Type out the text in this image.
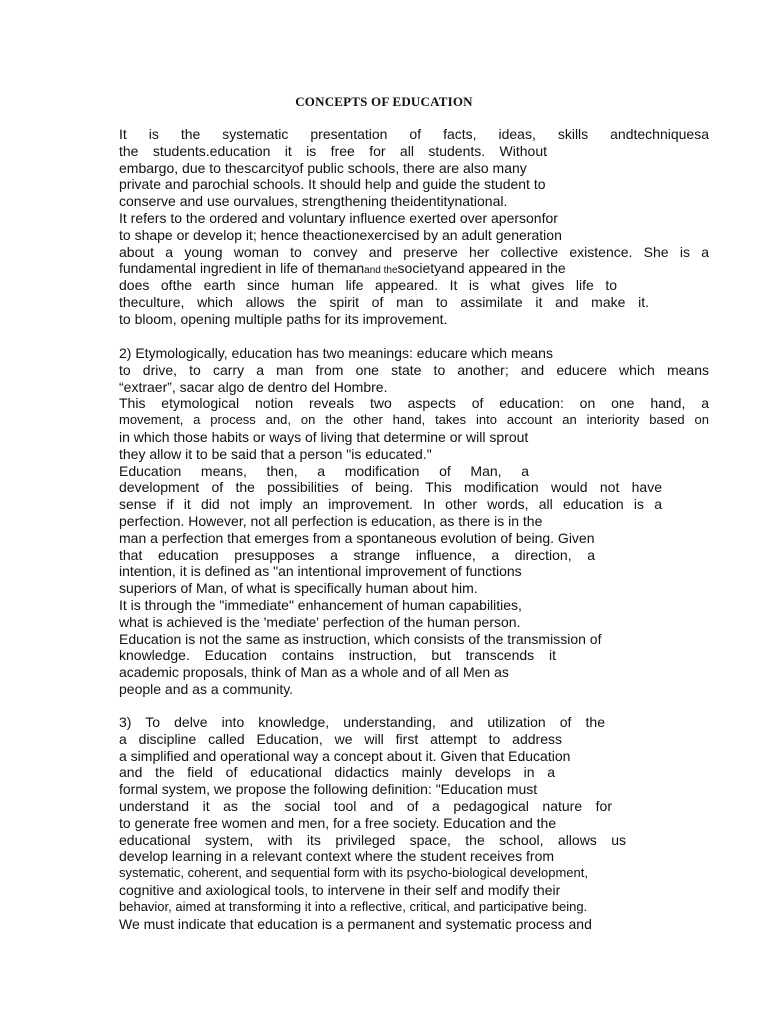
CONCEPTS OF EDUCATION
It is the systematic presentation of facts, ideas, skills andtechniquesa
the students.education it is free for all students. Without
embargo, due to thescarcityof public schools, there are also many
private and parochial schools. It should help and guide the student to
conserve and use ourvalues, strengthening theidentitynational.
It refers to the ordered and voluntary influence exerted over apersonfor
to shape or develop it; hence theactionexercised by an adult generation
about a young woman to convey and preserve her collective existence. She is a
fundamental ingredient in life of themanand thesocietyand appeared in the
does ofthe earth since human life appeared. It is what gives life to
theculture, which allows the spirit of man to assimilate it and make it.
to bloom, opening multiple paths for its improvement.
2) Etymologically, education has two meanings: educare which means
to drive, to carry a man from one state to another; and educere which means
“extraer”, sacar algo de dentro del Hombre.
This etymological notion reveals two aspects of education: on one hand, a
movement, a process and, on the other hand, takes into account an interiority based on
in which those habits or ways of living that determine or will sprout
they allow it to be said that a person "is educated."
Education means, then, a modification of Man, a
development of the possibilities of being. This modification would not have
sense if it did not imply an improvement. In other words, all education is a
perfection. However, not all perfection is education, as there is in the
man a perfection that emerges from a spontaneous evolution of being. Given
that education presupposes a strange influence, a direction, a
intention, it is defined as "an intentional improvement of functions
superiors of Man, of what is specifically human about him.
It is through the "immediate" enhancement of human capabilities,
what is achieved is the 'mediate' perfection of the human person.
Education is not the same as instruction, which consists of the transmission of
knowledge. Education contains instruction, but transcends it
academic proposals, think of Man as a whole and of all Men as
people and as a community.
3) To delve into knowledge, understanding, and utilization of the
a discipline called Education, we will first attempt to address
a simplified and operational way a concept about it. Given that Education
and the field of educational didactics mainly develops in a
formal system, we propose the following definition: "Education must
understand it as the social tool and of a pedagogical nature for
to generate free women and men, for a free society. Education and the
educational system, with its privileged space, the school, allows us
develop learning in a relevant context where the student receives from
systematic, coherent, and sequential form with its psycho-biological development,
cognitive and axiological tools, to intervene in their self and modify their
behavior, aimed at transforming it into a reflective, critical, and participative being.
We must indicate that education is a permanent and systematic process and
